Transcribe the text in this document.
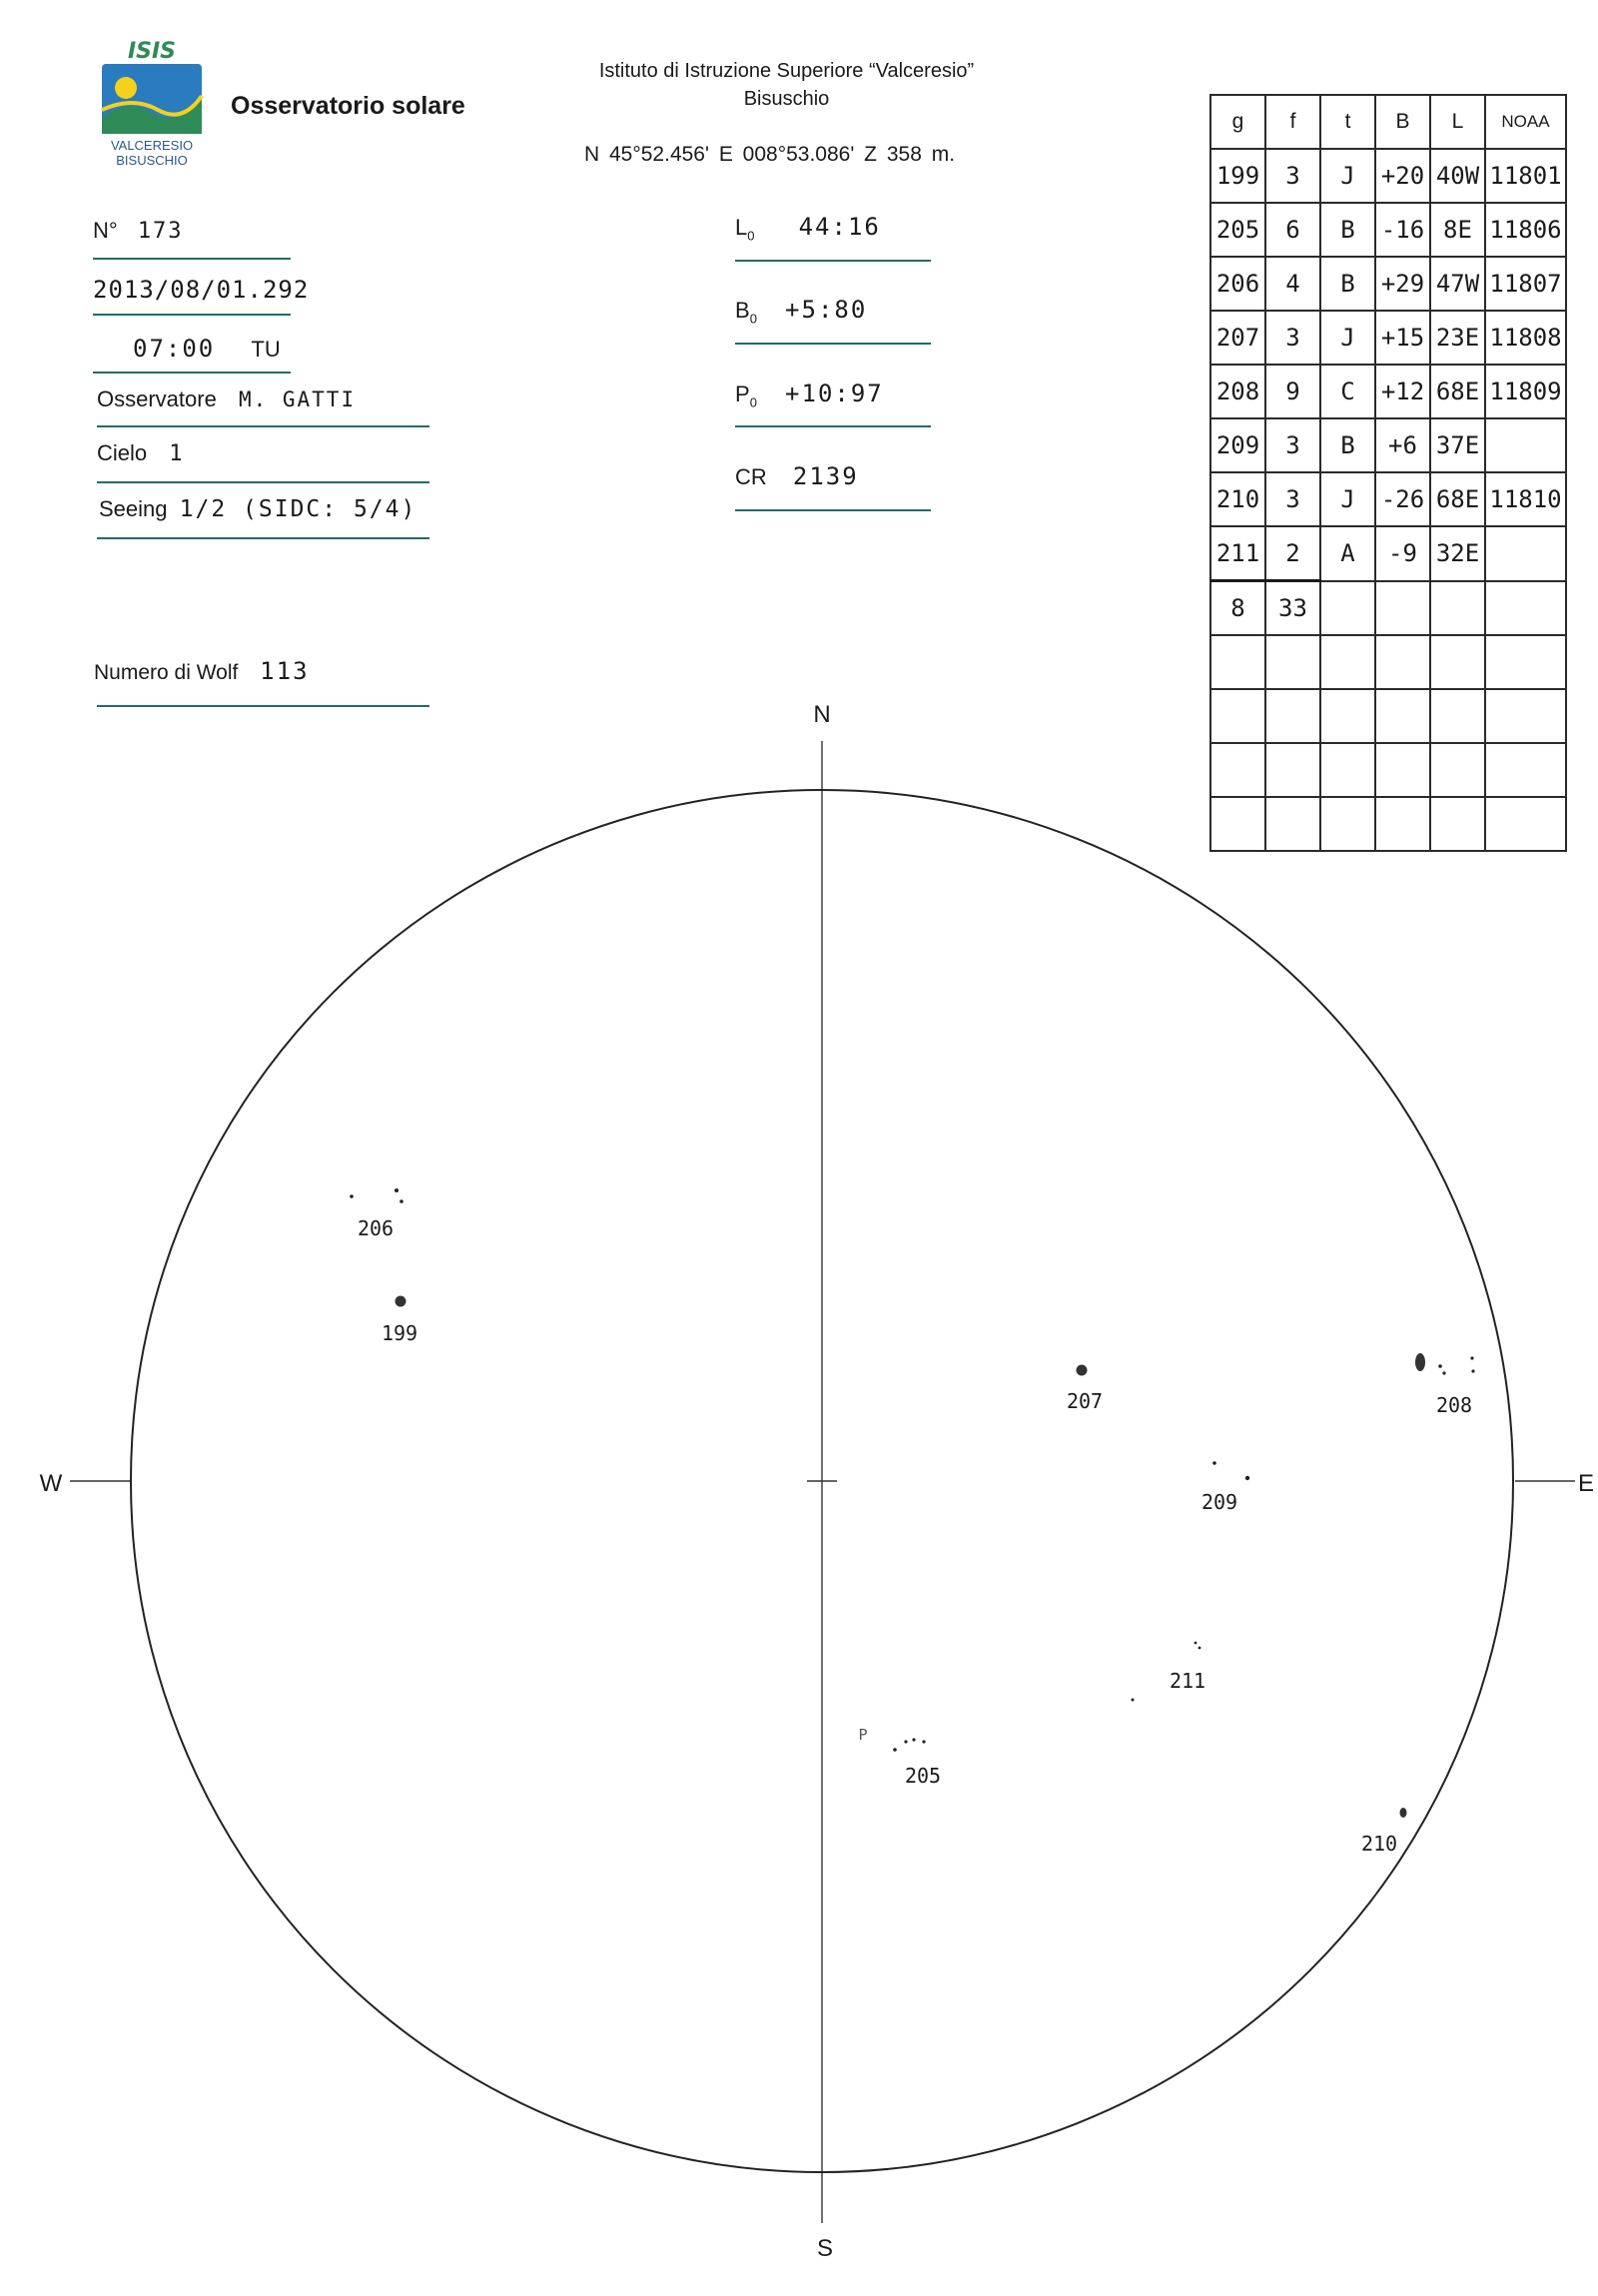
ISIS
VALCERESIO
BISUSCHIO
Osservatorio solare
Istituto di Istruzione Superiore “Valceresio”
Bisuschio
N 45°52.456' E 008°53.086' Z 358 m.
N° 173
2013/08/01.292
07:00 TU
Osservatore M. GATTI
Cielo 1
Seeing 1/2 (SIDC: 5/4)
Numero di Wolf 113
$L_0$ 44:16
$B_0$ +5:80
$P_0$ +10:97
CR 2139
g	f	t	B	L	NOAA
199	3	J	+20	40W	11801
205	6	B	-16	8E	11806
206	4	B	+29	47W	11807
207	3	J	+15	23E	11808
208	9	C	+12	68E	11809
209	3	B	+6	37E	
210	3	J	-26	68E	11810
211	2	A	-9	32E	
8	33				

N
S
W	E
206
199
207	208
209
211
P
205
210
